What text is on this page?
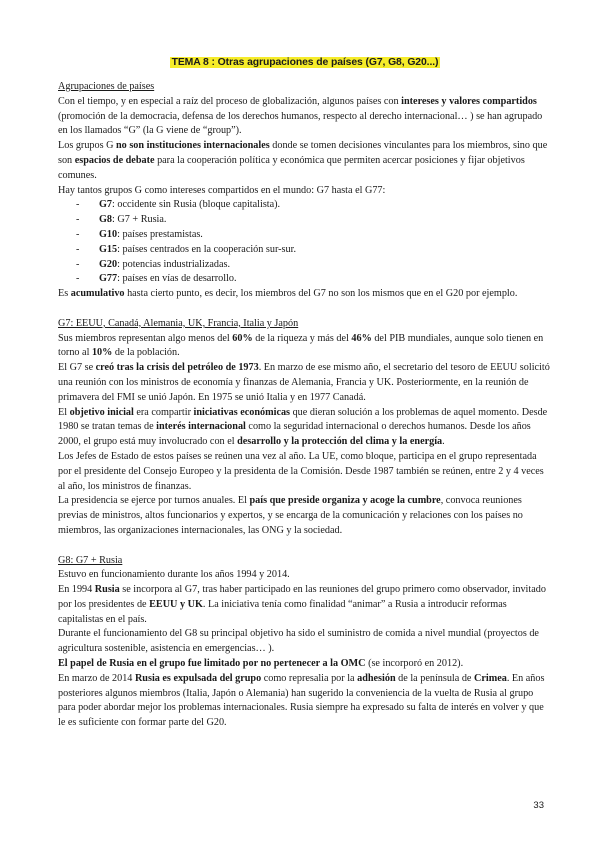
TEMA 8 : Otras agrupaciones de países (G7, G8, G20...)

Agrupaciones de países

Con el tiempo, y en especial a raíz del proceso de globalización, algunos países con intereses y valores compartidos (promoción de la democracia, defensa de los derechos humanos, respecto al derecho internacional… ) se han agrupado en los llamados “G” (la G viene de “group”).

Los grupos G no son instituciones internacionales donde se tomen decisiones vinculantes para los miembros, sino que son espacios de debate para la cooperación política y económica que permiten acercar posiciones y fijar objetivos comunes.

Hay tantos grupos G como intereses compartidos en el mundo: G7 hasta el G77:

- G7: occidente sin Rusia (bloque capitalista).
- G8: G7 + Rusia.
- G10: países prestamistas.
- G15: países centrados en la cooperación sur-sur.
- G20: potencias industrializadas.
- G77: países en vías de desarrollo.

Es acumulativo hasta cierto punto, es decir, los miembros del G7 no son los mismos que en el G20 por ejemplo.

G7: EEUU, Canadá, Alemania, UK, Francia, Italia y Japón

Sus miembros representan algo menos del 60% de la riqueza y más del 46% del PIB mundiales, aunque solo tienen en torno al 10% de la población.

El G7 se creó tras la crisis del petróleo de 1973. En marzo de ese mismo año, el secretario del tesoro de EEUU solicitó una reunión con los ministros de economía y finanzas de Alemania, Francia y UK. Posteriormente, en la reunión de primavera del FMI se unió Japón. En 1975 se unió Italia y en 1977 Canadá.

El objetivo inicial era compartir iniciativas económicas que dieran solución a los problemas de aquel momento. Desde 1980 se tratan temas de interés internacional como la seguridad internacional o derechos humanos. Desde los años 2000, el grupo está muy involucrado con el desarrollo y la protección del clima y la energía.

Los Jefes de Estado de estos países se reúnen una vez al año. La UE, como bloque, participa en el grupo representada por el presidente del Consejo Europeo y la presidenta de la Comisión. Desde 1987 también se reúnen, entre 2 y 4 veces al año, los ministros de finanzas.

La presidencia se ejerce por turnos anuales. El país que preside organiza y acoge la cumbre, convoca reuniones previas de ministros, altos funcionarios y expertos, y se encarga de la comunicación y relaciones con los países no miembros, las organizaciones internacionales, las ONG y la sociedad.

G8: G7 + Rusia

Estuvo en funcionamiento durante los años 1994 y 2014.

En 1994 Rusia se incorpora al G7, tras haber participado en las reuniones del grupo primero como observador, invitado por los presidentes de EEUU y UK. La iniciativa tenía como finalidad “animar” a Rusia a introducir reformas capitalistas en el país.

Durante el funcionamiento del G8 su principal objetivo ha sido el suministro de comida a nivel mundial (proyectos de agricultura sostenible, asistencia en emergencias… ).

El papel de Rusia en el grupo fue limitado por no pertenecer a la OMC (se incorporó en 2012).

En marzo de 2014 Rusia es expulsada del grupo como represalia por la adhesión de la península de Crimea. En años posteriores algunos miembros (Italia, Japón o Alemania) han sugerido la conveniencia de la vuelta de Rusia al grupo para poder abordar mejor los problemas internacionales. Rusia siempre ha expresado su falta de interés en volver y que le es suficiente con formar parte del G20.

33
